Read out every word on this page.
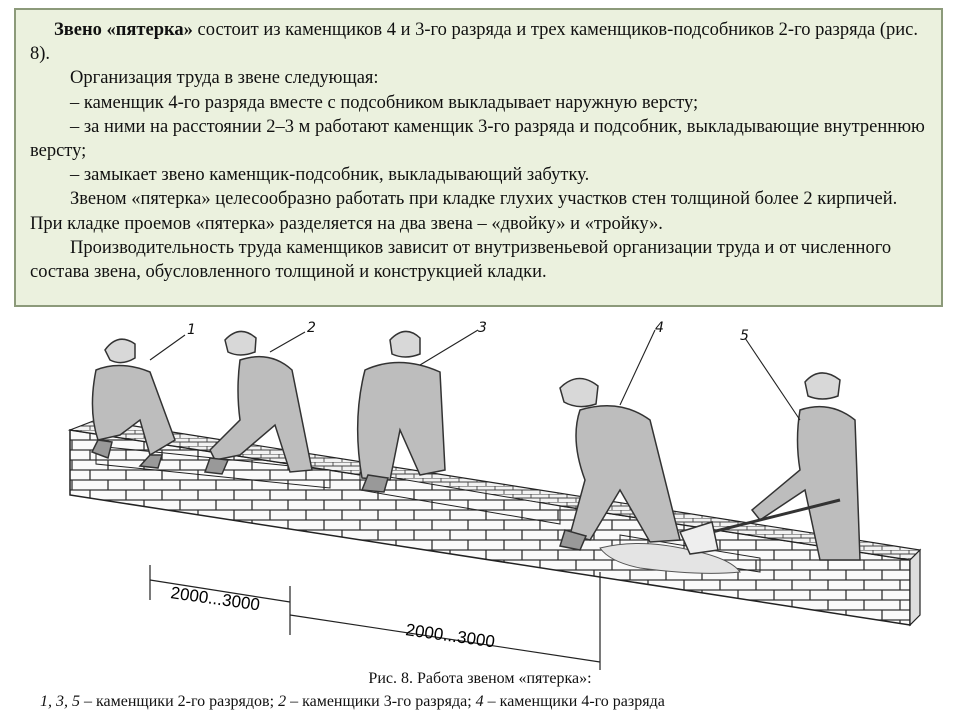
Звено «пятерка» состоит из каменщиков 4 и 3-го разряда и трех каменщиков-подсобников 2-го разряда (рис. 8).

Организация труда в звене следующая:

– каменщик 4-го разряда вместе с подсобником выкладывает наружную версту;

– за ними на расстоянии 2–3 м работают каменщик 3-го разряда и подсобник, выкладывающие внутреннюю версту;

– замыкает звено каменщик-подсобник, выкладывающий забутку.

Звеном «пятерка» целесообразно работать при кладке глухих участков стен толщиной более 2 кирпичей. При кладке проемов «пятерка» разделяется на два звена – «двойку» и «тройку».

Производительность труда каменщиков зависит от внутризвеньевой организации труда и от численного состава звена, обусловленного толщиной и конструкцией кладки.

2000...3000
2000...3000
1	2	3	4	5
Рис. 8. Работа звеном «пятерка»:
1, 3, 5 – каменщики 2-го разрядов; 2 – каменщики 3-го разряда; 4 – каменщики 4-го разряда
